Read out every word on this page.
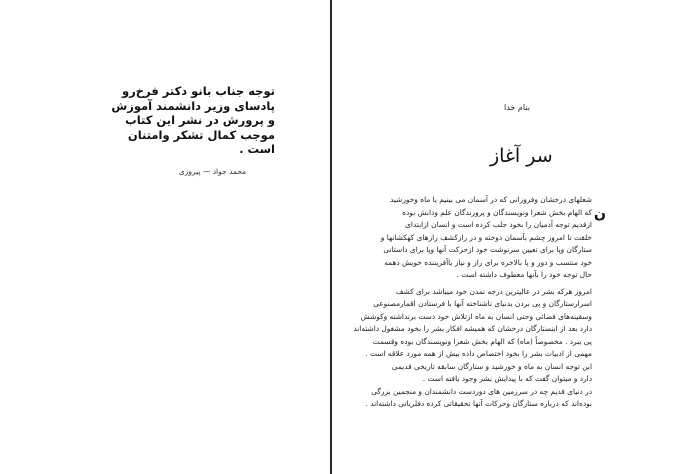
توجه جناب بانو دکتر فرخ‌رو
پادسای وزیر دانشمند آموزش
و پرورش در نشر این کتاب
موجب کمال تشکر وامتنان
است .
محمد جواد — پیروزی
بنام خدا
سر آغاز
ن
شعلهای درخشان وفروزانی که در آسمان می بینیم یا ماه وخورشید
که الهام بخش شعرا ونویسندگان و پرورندگان علم ودانش بوده
ازقدیم توجه آدمیان را بخود جلب کرده است و انسان ازابتدای
خلقت تا امروز چشم بآسمان دوخته و در رازکشف رازهای کهکشانها و
ستارگان وپا برای تعیین سرنوشت خود ازحرکت آنها وپا برای داستانی
خود منتسب و دور و پا بالاخره برای راز و نیاز باآفریننده خویش دهمه
حال توجه خود را بآنها معطوف داشته است .
امروز هرکه بشر در عالیترین درجه تمدن خود میباشد برای کشف
اسرارستارگان و پی بردن بدنیای ناشناخته آنها با فرستادن اقمارمصنوعی
وسفینه‌های فضائی وحتی انسان به ماه ازتلاش خود دست برنداشته وکوشش
دارد بعد از اینستارگان درخشان که همیشه افکار بشر را بخود مشغول داشته‌اند
پی ببرد . مخصوصاً (ماه) که الهام بخش شعرا ونویسندگان بوده وقسمت
مهمی از ادبیات بشر را بخود اختصاص داده بیش از همه مورد علاقه است .
این توجه انسان به ماه و خورشید و ستارگان سابقه تاریخی قدیمی
دارد و میتوان گفت که با پیدایش بشر وجود یافته است .
در دنیای قدیم چه در سرزمین های دوردست دانشمندان و منجمین بزرگی
بوده‌اند که درباره ستارگان وحرکات آنها تحقیقاتی کرده دفلریاتی داشته‌اند .
